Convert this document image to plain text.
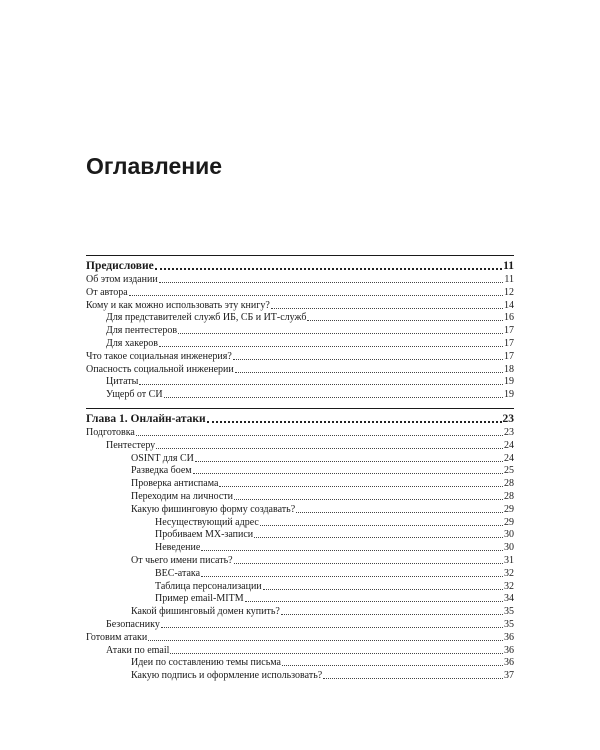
Оглавление
Предисловие	11
Об этом издании	11
От автора	12
Кому и как можно использовать эту книгу?	14
Для представителей служб ИБ, СБ и ИТ-служб	16
Для пентестеров	17
Для хакеров	17
Что такое социальная инженерия?	17
Опасность социальной инженерии	18
Цитаты	19
Ущерб от СИ	19
Глава 1. Онлайн-атаки	23
Подготовка	23
Пентестеру	24
OSINT для СИ	24
Разведка боем	25
Проверка антиспама	28
Переходим на личности	28
Какую фишинговую форму создавать?	29
Несуществующий адрес	29
Пробиваем MX-записи	30
Неведение	30
От чьего имени писать?	31
BEC-атака	32
Таблица персонализации	32
Пример email-MITM	34
Какой фишинговый домен купить?	35
Безопаснику	35
Готовим атаки	36
Атаки по email	36
Идеи по составлению темы письма	36
Какую подпись и оформление использовать?	37
